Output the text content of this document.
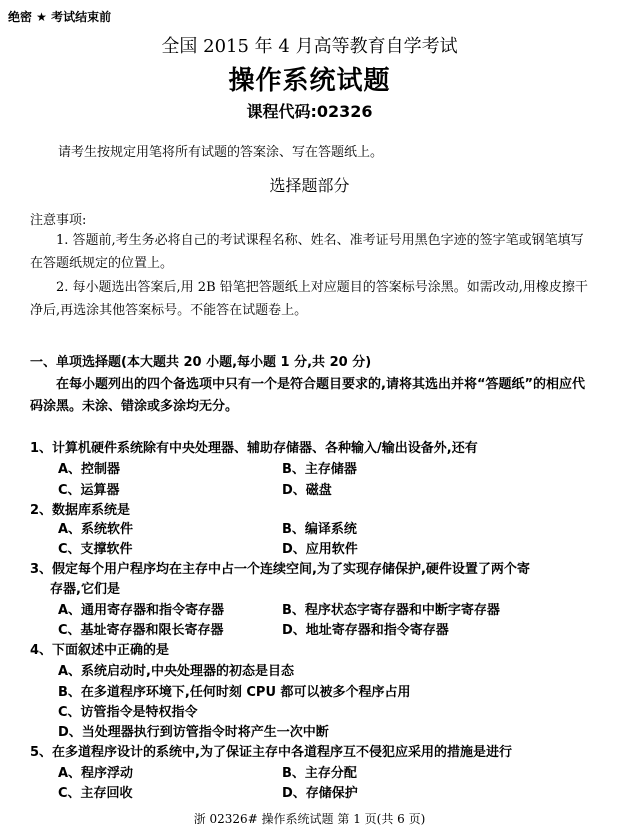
绝密 ★ 考试结束前
全国 2015 年 4 月高等教育自学考试
操作系统试题
课程代码:02326
请考生按规定用笔将所有试题的答案涂、写在答题纸上。
选择题部分
注意事项:
1. 答题前,考生务必将自己的考试课程名称、姓名、准考证号用黑色字迹的签字笔或钢笔填写在答题纸规定的位置上。
2. 每小题选出答案后,用 2B 铅笔把答题纸上对应题目的答案标号涂黑。如需改动,用橡皮擦干净后,再选涂其他答案标号。不能答在试题卷上。
一、单项选择题(本大题共 20 小题,每小题 1 分,共 20 分)
在每小题列出的四个备选项中只有一个是符合题目要求的,请将其选出并将“答题纸”的相应代码涂黑。未涂、错涂或多涂均无分。
1、计算机硬件系统除有中央处理器、辅助存储器、各种输入/输出设备外,还有
A、控制器	B、主存储器
C、运算器	D、磁盘
2、数据库系统是
A、系统软件	B、编译系统
C、支撑软件	D、应用软件
3、假定每个用户程序均在主存中占一个连续空间,为了实现存储保护,硬件设置了两个寄
存器,它们是
A、通用寄存器和指令寄存器	B、程序状态字寄存器和中断字寄存器
C、基址寄存器和限长寄存器	D、地址寄存器和指令寄存器
4、下面叙述中正确的是
A、系统启动时,中央处理器的初态是目态
B、在多道程序环境下,任何时刻 CPU 都可以被多个程序占用
C、访管指令是特权指令
D、当处理器执行到访管指令时将产生一次中断
5、在多道程序设计的系统中,为了保证主存中各道程序互不侵犯应采用的措施是进行
A、程序浮动	B、主存分配
C、主存回收	D、存储保护
浙 02326# 操作系统试题 第 1 页(共 6 页)
